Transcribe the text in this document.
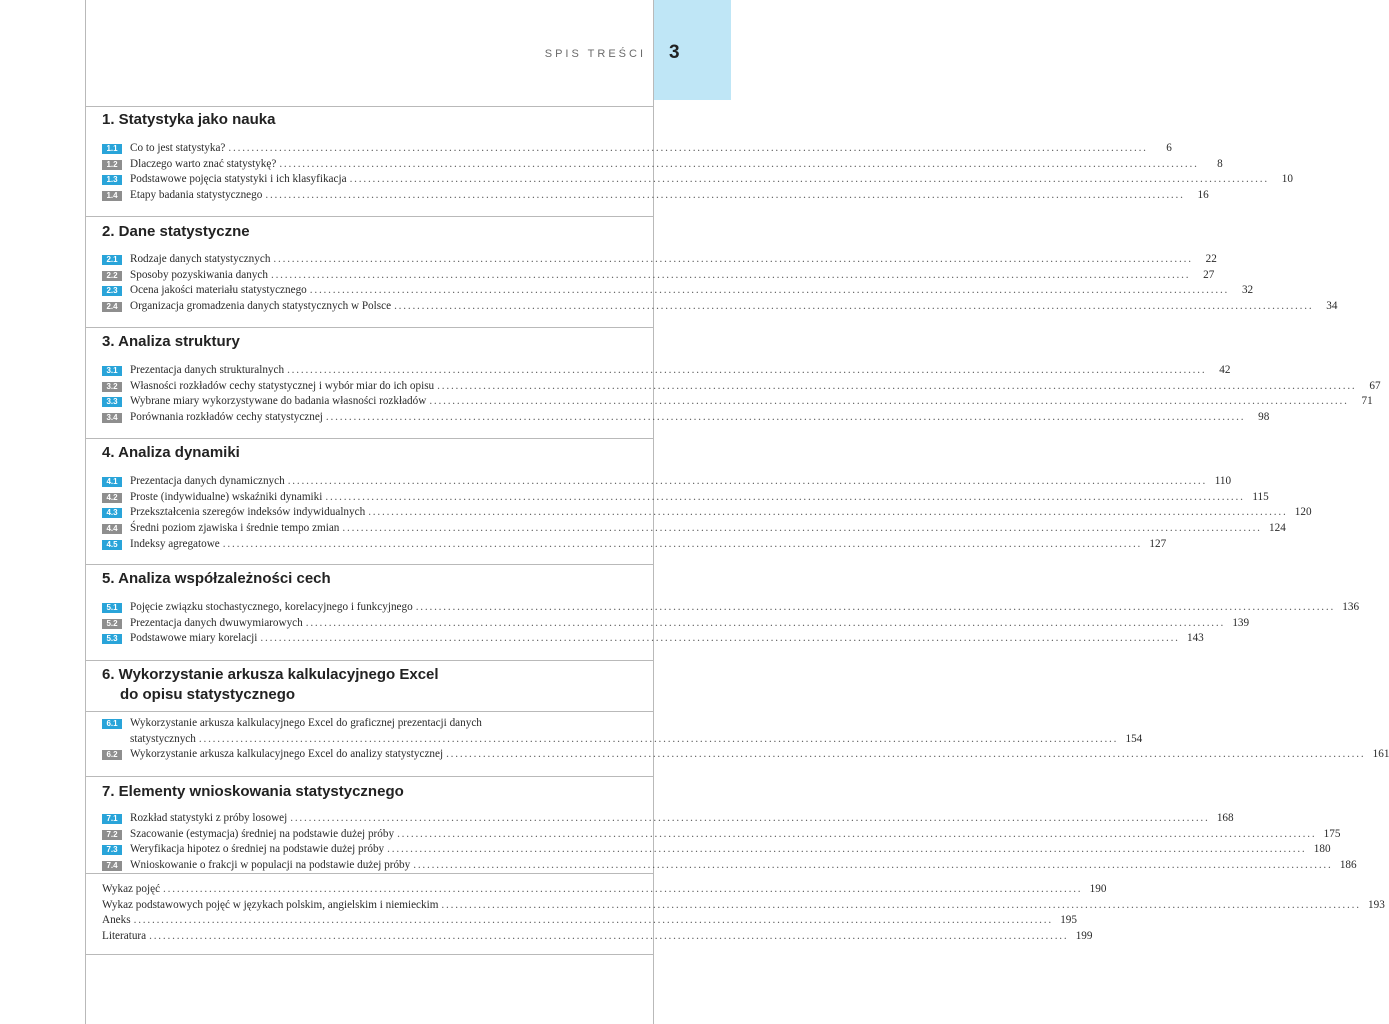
SPIS TREŚCI 3
1. Statystyka jako nauka
1.1	Co to jest statystyka? ........................................................................................................................................................................................................	6
1.2	Dlaczego warto znać statystykę? ........................................................................................................................................................................................................	8
1.3	Podstawowe pojęcia statystyki i ich klasyfikacja ........................................................................................................................................................................................................	10
1.4	Etapy badania statystycznego ........................................................................................................................................................................................................	16
2. Dane statystyczne
2.1	Rodzaje danych statystycznych ........................................................................................................................................................................................................	22
2.2	Sposoby pozyskiwania danych ........................................................................................................................................................................................................	27
2.3	Ocena jakości materiału statystycznego ........................................................................................................................................................................................................	32
2.4	Organizacja gromadzenia danych statystycznych w Polsce ........................................................................................................................................................................................................	34
3. Analiza struktury
3.1	Prezentacja danych strukturalnych ........................................................................................................................................................................................................	42
3.2	Własności rozkładów cechy statystycznej i wybór miar do ich opisu ........................................................................................................................................................................................................	67
3.3	Wybrane miary wykorzystywane do badania własności rozkładów ........................................................................................................................................................................................................	71
3.4	Porównania rozkładów cechy statystycznej ........................................................................................................................................................................................................	98
4. Analiza dynamiki
4.1	Prezentacja danych dynamicznych ........................................................................................................................................................................................................ 110
4.2	Proste (indywidualne) wskaźniki dynamiki ........................................................................................................................................................................................................ 115
4.3	Przekształcenia szeregów indeksów indywidualnych ........................................................................................................................................................................................................ 120
4.4	Średni poziom zjawiska i średnie tempo zmian ........................................................................................................................................................................................................ 124
4.5	Indeksy agregatowe ........................................................................................................................................................................................................ 127
5. Analiza współzależności cech
5.1	Pojęcie związku stochastycznego, korelacyjnego i funkcyjnego ........................................................................................................................................................................................................ 136
5.2	Prezentacja danych dwuwymiarowych ........................................................................................................................................................................................................ 139
5.3	Podstawowe miary korelacji ........................................................................................................................................................................................................ 143
6. Wykorzystanie arkusza kalkulacyjnego Excel
do opisu statystycznego
6.1	Wykorzystanie arkusza kalkulacyjnego Excel do graficznej prezentacji danych
statystycznych ........................................................................................................................................................................................................ 154
6.2	Wykorzystanie arkusza kalkulacyjnego Excel do analizy statystycznej ........................................................................................................................................................................................................ 161
7. Elementy wnioskowania statystycznego
7.1	Rozkład statystyki z próby losowej ........................................................................................................................................................................................................ 168
7.2	Szacowanie (estymacja) średniej na podstawie dużej próby ........................................................................................................................................................................................................ 175
7.3	Weryfikacja hipotez o średniej na podstawie dużej próby ........................................................................................................................................................................................................ 180
7.4	Wnioskowanie o frakcji w populacji na podstawie dużej próby ........................................................................................................................................................................................................ 186
Wykaz pojęć ........................................................................................................................................................................................................ 190
Wykaz podstawowych pojęć w językach polskim, angielskim i niemieckim ........................................................................................................................................................................................................ 193
Aneks ........................................................................................................................................................................................................ 195
Literatura ........................................................................................................................................................................................................ 199
